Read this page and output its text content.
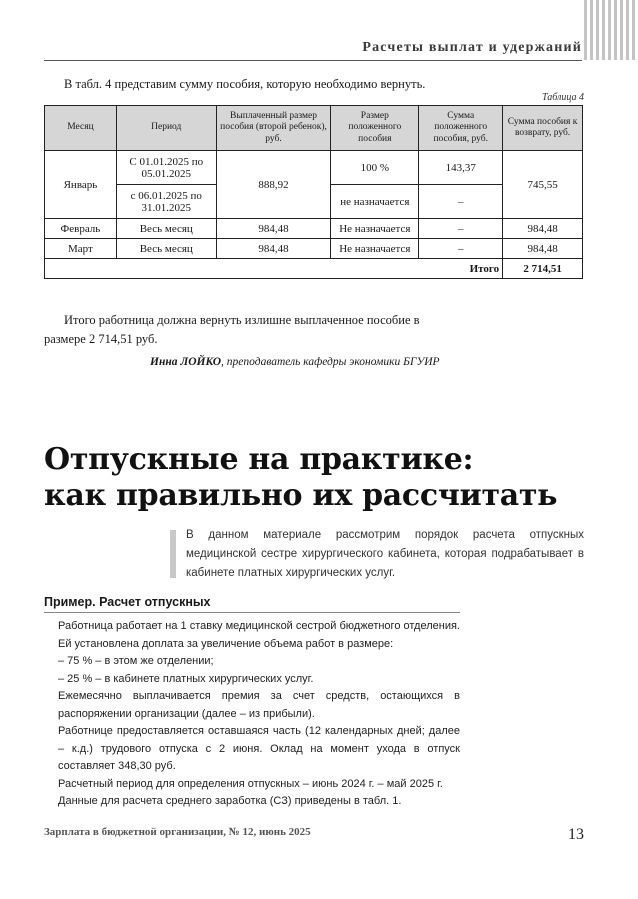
Расчеты выплат и удержаний
В табл. 4 представим сумму пособия, которую необходимо вернуть.
Таблица 4
Месяц	Период	Выплаченный размер пособия (второй ребенок), руб.	Размер положенного пособия	Сумма положенного пособия, руб.	Сумма пособия к возврату, руб.
Январь	С 01.01.2025 по 05.01.2025	888,92	100 %	143,37	745,55
	с 06.01.2025 по 31.01.2025		не назначается	–	
Февраль	Весь месяц	984,48	Не назначается	–	984,48
Март	Весь месяц	984,48	Не назначается	–	984,48
Итого					2 714,51
Итого работница должна вернуть излишне выплаченное пособие в размере 2 714,51 руб.
Инна ЛОЙКО, преподаватель кафедры экономики БГУИР
Отпускные на практике:
как правильно их рассчитать
В данном материале рассмотрим порядок расчета отпускных медицинской сестре хирургического кабинета, которая подрабатывает в кабинете платных хирургических услуг.
Пример. Расчет отпускных

Работница работает на 1 ставку медицинской сестрой бюджетного отделения. Ей установлена доплата за увеличение объема работ в размере:

– 75 % – в этом же отделении;

– 25 % – в кабинете платных хирургических услуг.

Ежемесячно выплачивается премия за счет средств, остающихся в распоряжении организации (далее – из прибыли).

Работнице предоставляется оставшаяся часть (12 календарных дней; далее – к.д.) трудового отпуска с 2 июня. Оклад на момент ухода в отпуск составляет 348,30 руб.

Расчетный период для определения отпускных – июнь 2024 г. – май 2025 г.

Данные для расчета среднего заработка (СЗ) приведены в табл. 1.

Зарплата в бюджетной организации, № 12, июнь 2025	13
